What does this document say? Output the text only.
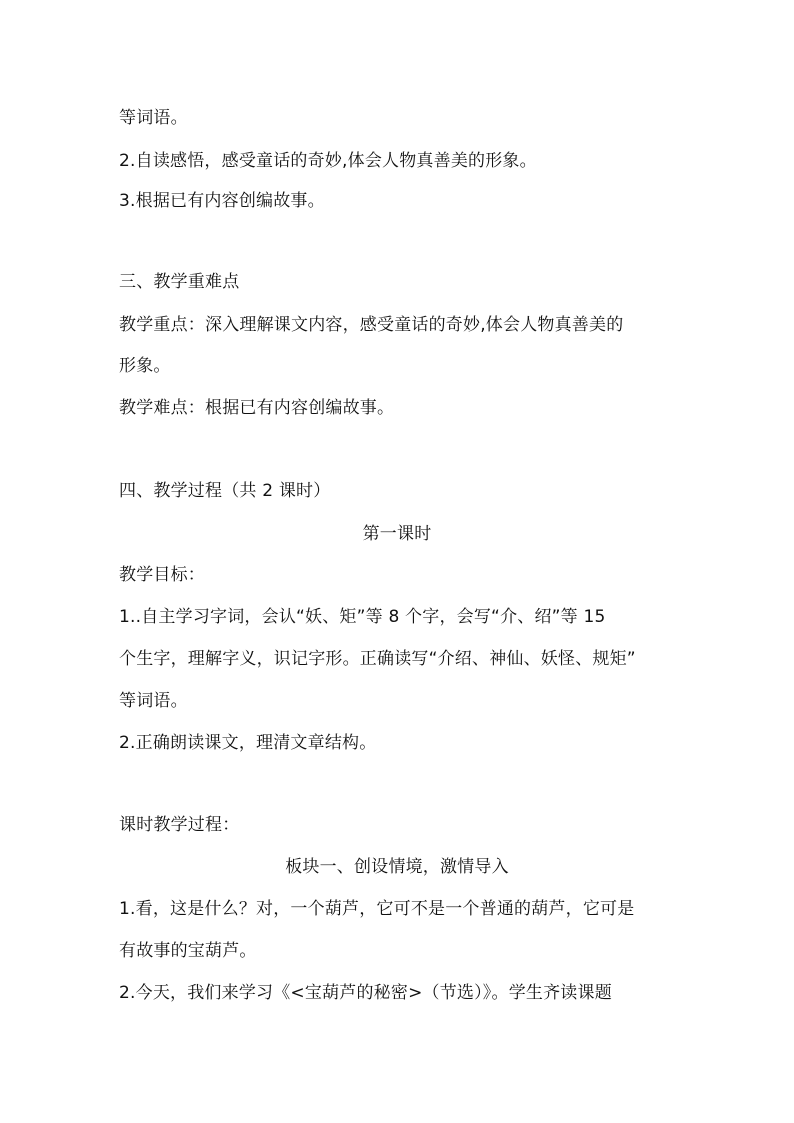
等词语。
2.自读感悟，感受童话的奇妙,体会人物真善美的形象。
3.根据已有内容创编故事。
三、教学重难点
教学重点：深入理解课文内容，感受童话的奇妙,体会人物真善美的
形象。
教学难点：根据已有内容创编故事。
四、教学过程（共 2 课时）
第一课时
教学目标：
1..自主学习字词，会认“妖、矩”等 8 个字，会写“介、绍”等 15
个生字，理解字义，识记字形。正确读写“介绍、神仙、妖怪、规矩”
等词语。
2.正确朗读课文，理清文章结构。
课时教学过程：
板块一、创设情境，激情导入
1.看，这是什么？对，一个葫芦，它可不是一个普通的葫芦，它可是
有故事的宝葫芦。
2.今天，我们来学习《<宝葫芦的秘密>（节选）》。学生齐读课题
